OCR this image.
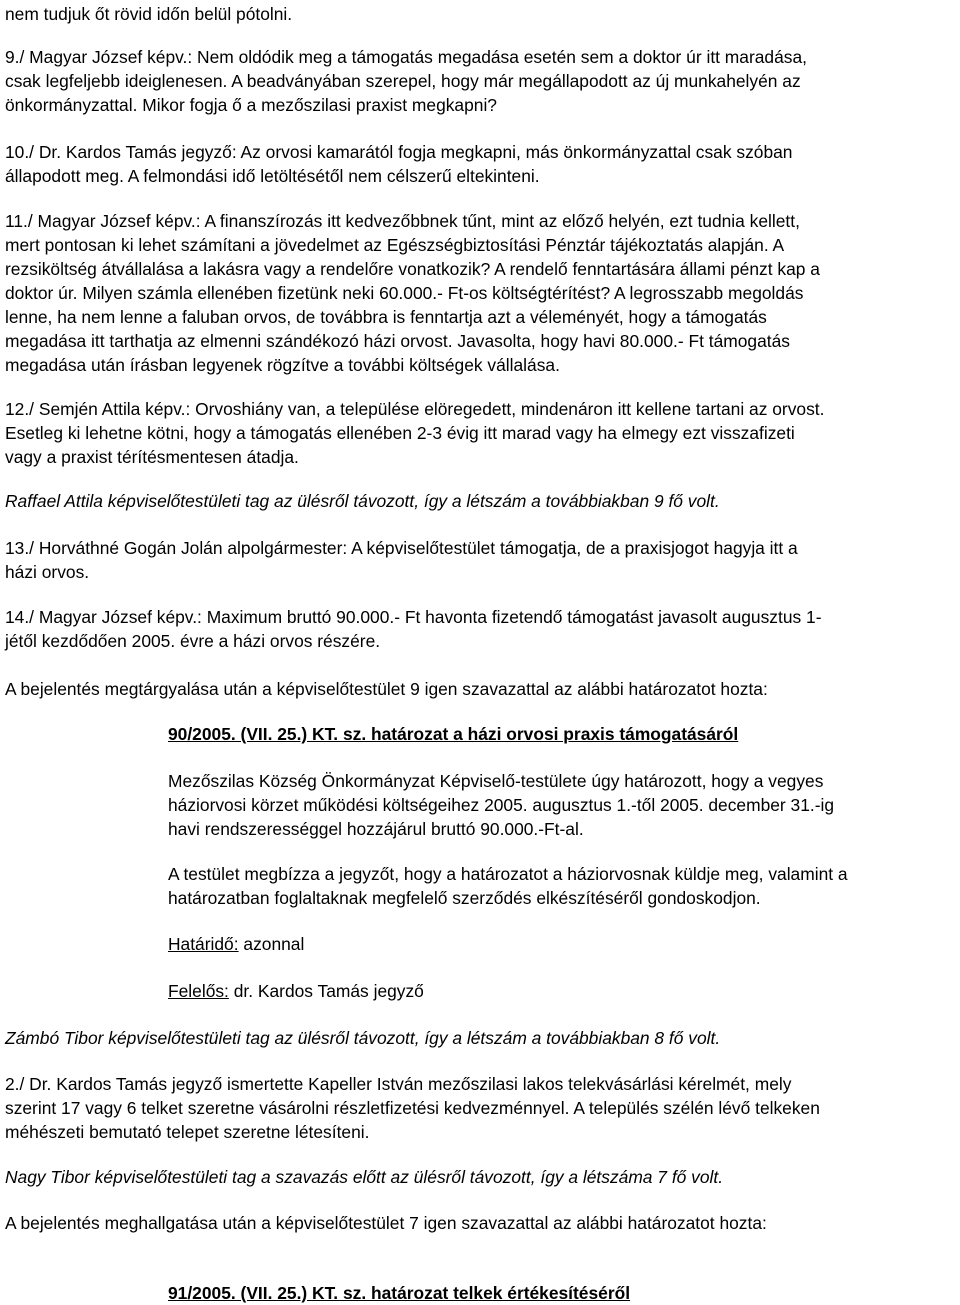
nem tudjuk őt rövid időn belül pótolni.

9./ Magyar József képv.: Nem oldódik meg a támogatás megadása esetén sem a doktor úr itt maradása,

csak legfeljebb ideiglenesen. A beadványában szerepel, hogy már megállapodott az új munkahelyén az

önkormányzattal. Mikor fogja ő a mezőszilasi praxist megkapni?

10./ Dr. Kardos Tamás jegyző: Az orvosi kamarától fogja megkapni, más önkormányzattal csak szóban

állapodott meg. A felmondási idő letöltésétől nem célszerű eltekinteni.

11./ Magyar József képv.: A finanszírozás itt kedvezőbbnek tűnt, mint az előző helyén, ezt tudnia kellett,

mert pontosan ki lehet számítani a jövedelmet az Egészségbiztosítási Pénztár tájékoztatás alapján. A

rezsiköltség átvállalása a lakásra vagy a rendelőre vonatkozik? A rendelő fenntartására állami pénzt kap a

doktor úr. Milyen számla ellenében fizetünk neki 60.000.- Ft-os költségtérítést? A legrosszabb megoldás

lenne, ha nem lenne a faluban orvos, de továbbra is fenntartja azt a véleményét, hogy a támogatás

megadása itt tarthatja az elmenni szándékozó házi orvost. Javasolta, hogy havi 80.000.- Ft támogatás

megadása után írásban legyenek rögzítve a további költségek vállalása.

12./ Semjén Attila képv.: Orvoshiány van, a települése elöregedett, mindenáron itt kellene tartani az orvost.

Esetleg ki lehetne kötni, hogy a támogatás ellenében 2-3 évig itt marad vagy ha elmegy ezt visszafizeti

vagy a praxist térítésmentesen átadja.

Raffael Attila képviselőtestületi tag az ülésről távozott, így a létszám a továbbiakban 9 fő volt.

13./ Horváthné Gogán Jolán alpolgármester: A képviselőtestület támogatja, de a praxisjogot hagyja itt a

házi orvos.

14./ Magyar József képv.: Maximum bruttó 90.000.- Ft havonta fizetendő támogatást javasolt augusztus 1-

jétől kezdődően 2005. évre a házi orvos részére.

A bejelentés megtárgyalása után a képviselőtestület 9 igen szavazattal az alábbi határozatot hozta:

90/2005. (VII. 25.) KT. sz. határozat a házi orvosi praxis támogatásáról

Mezőszilas Község Önkormányzat Képviselő-testülete úgy határozott, hogy a vegyes

háziorvosi körzet működési költségeihez 2005. augusztus 1.-től 2005. december 31.-ig

havi rendszerességgel hozzájárul bruttó 90.000.-Ft-al.

A testület megbízza a jegyzőt, hogy a határozatot a háziorvosnak küldje meg, valamint a

határozatban foglaltaknak megfelelő szerződés elkészítéséről gondoskodjon.

Határidő: azonnal

Felelős: dr. Kardos Tamás jegyző

Zámbó Tibor képviselőtestületi tag az ülésről távozott, így a létszám a továbbiakban 8 fő volt.

2./ Dr. Kardos Tamás jegyző ismertette Kapeller István mezőszilasi lakos telekvásárlási kérelmét, mely

szerint 17 vagy 6 telket szeretne vásárolni részletfizetési kedvezménnyel. A település szélén lévő telkeken

méhészeti bemutató telepet szeretne létesíteni.

Nagy Tibor képviselőtestületi tag a szavazás előtt az ülésről távozott, így a létszáma 7 fő volt.

A bejelentés meghallgatása után a képviselőtestület 7 igen szavazattal az alábbi határozatot hozta:

91/2005. (VII. 25.) KT. sz. határozat telkek értékesítéséről
